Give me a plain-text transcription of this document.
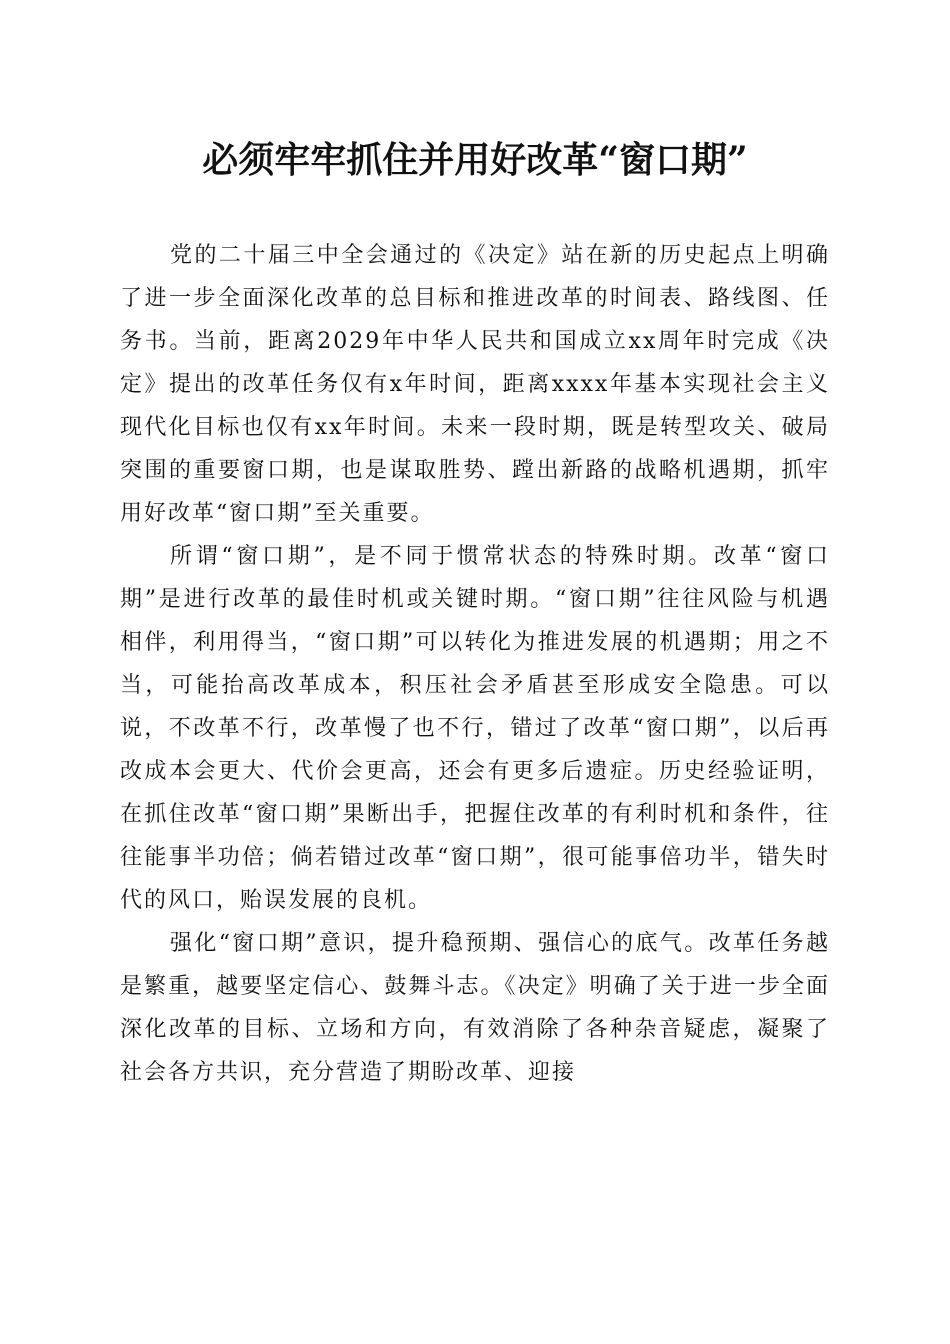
必须牢牢抓住并用好改革“窗口期”

党的二十届三中全会通过的《决定》站在新的历史起点上明确了进一步全面深化改革的总目标和推进改革的时间表、路线图、任务书。当前，距离2029年中华人民共和国成立xx周年时完成《决定》提出的改革任务仅有x年时间，距离xxxx年基本实现社会主义现代化目标也仅有xx年时间。未来一段时期，既是转型攻关、破局突围的重要窗口期，也是谋取胜势、蹚出新路的战略机遇期，抓牢用好改革“窗口期”至关重要。

所谓“窗口期”，是不同于惯常状态的特殊时期。改革“窗口期”是进行改革的最佳时机或关键时期。“窗口期”往往风险与机遇相伴，利用得当，“窗口期”可以转化为推进发展的机遇期；用之不当，可能抬高改革成本，积压社会矛盾甚至形成安全隐患。可以说，不改革不行，改革慢了也不行，错过了改革“窗口期”，以后再改成本会更大、代价会更高，还会有更多后遗症。历史经验证明，在抓住改革“窗口期”果断出手，把握住改革的有利时机和条件，往往能事半功倍；倘若错过改革“窗口期”，很可能事倍功半，错失时代的风口，贻误发展的良机。

强化“窗口期”意识，提升稳预期、强信心的底气。改革任务越是繁重，越要坚定信心、鼓舞斗志。《决定》明确了关于进一步全面深化改革的目标、立场和方向，有效消除了各种杂音疑虑，凝聚了社会各方共识，充分营造了期盼改革、迎接
